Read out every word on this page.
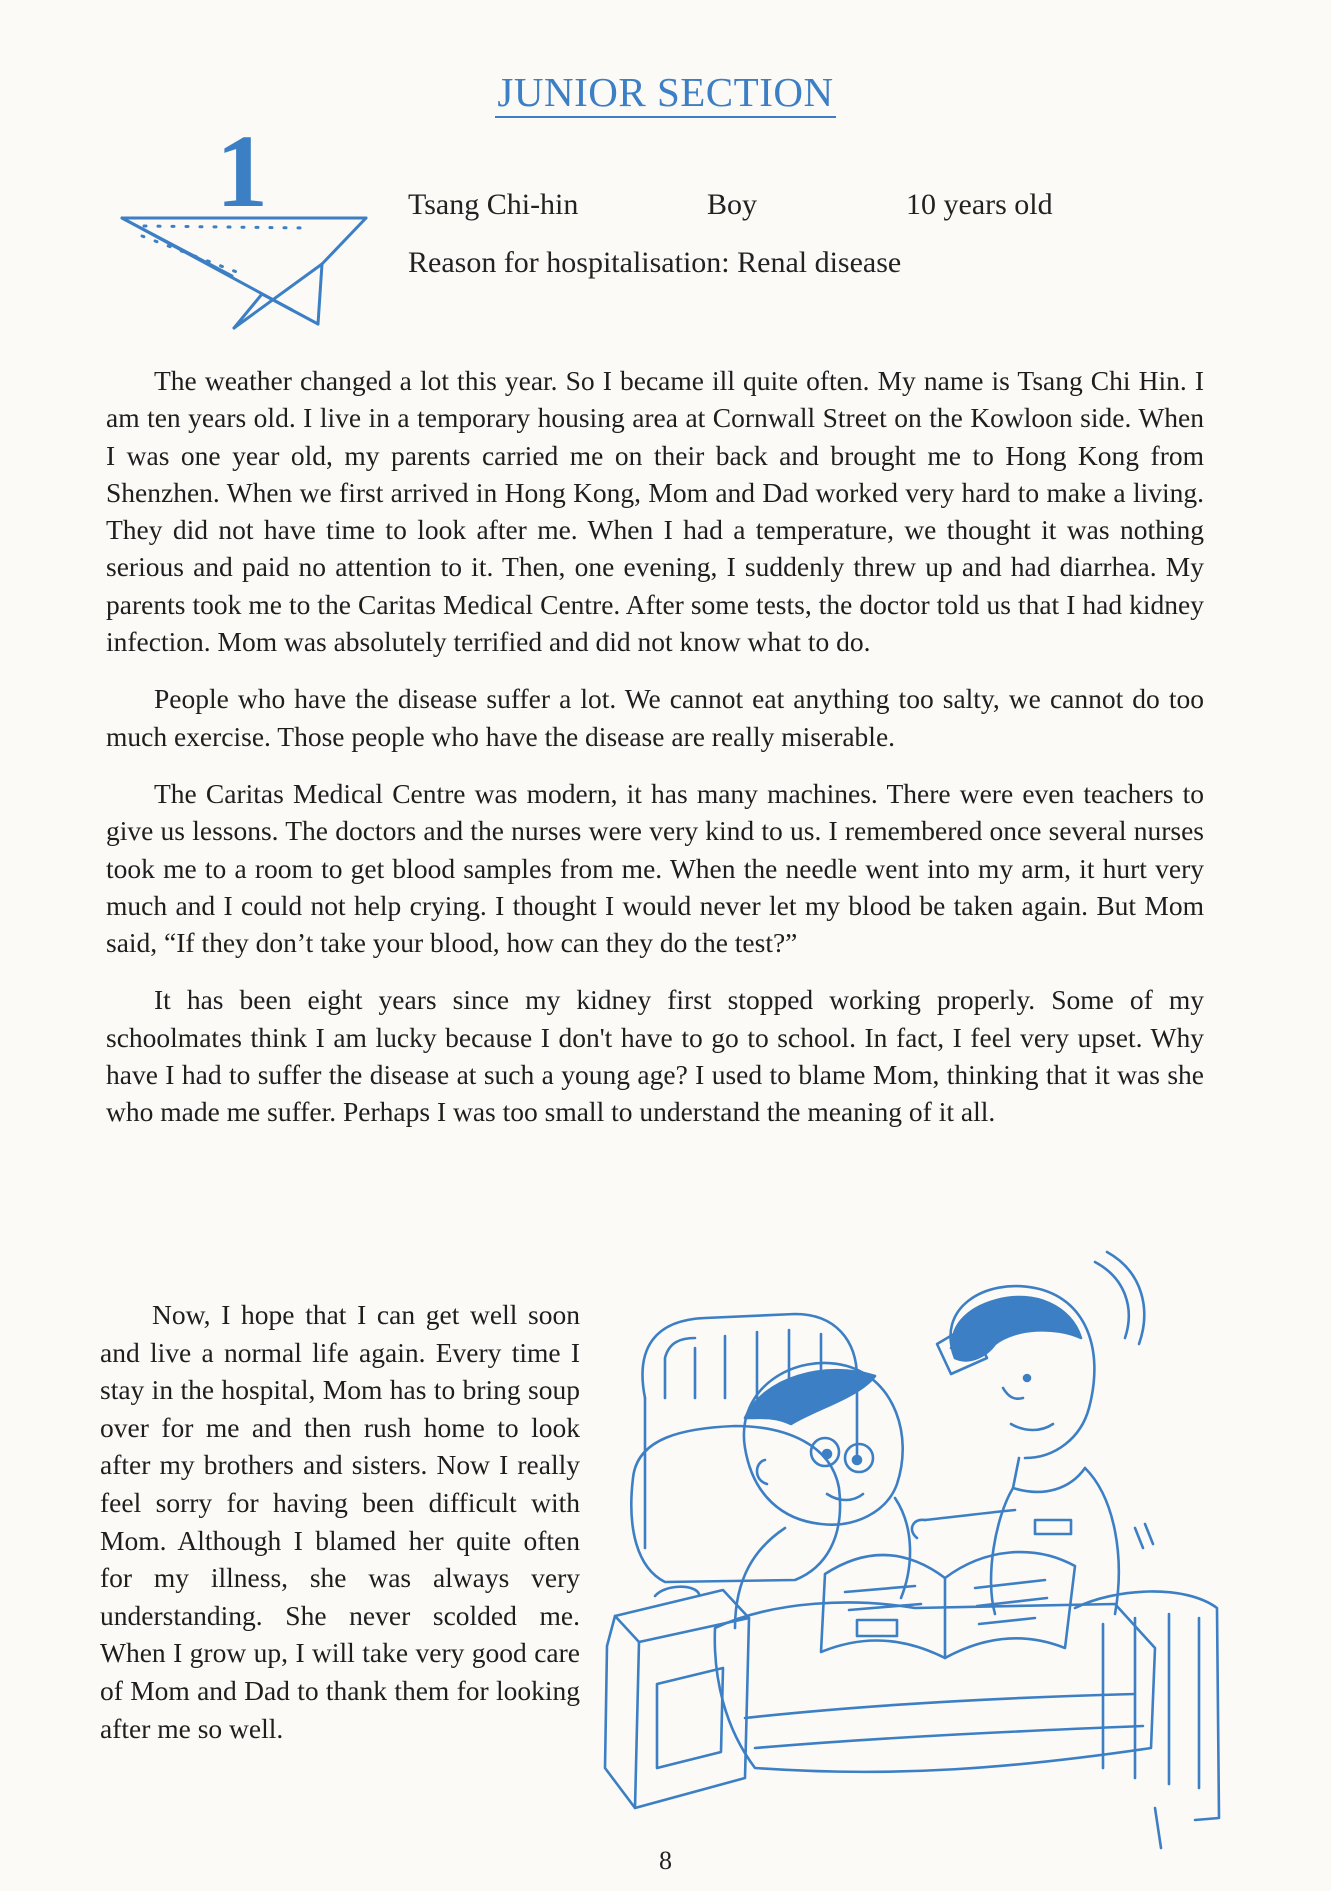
JUNIOR SECTION
1	Tsang Chi-hin	Boy	10 years old
Reason for hospitalisation: Renal disease

The weather changed a lot this year. So I became ill quite often. My name is Tsang Chi Hin. I am ten years old. I live in a temporary housing area at Cornwall Street on the Kowloon side. When I was one year old, my parents carried me on their back and brought me to Hong Kong from Shenzhen. When we first arrived in Hong Kong, Mom and Dad worked very hard to make a living. They did not have time to look after me. When I had a temperature, we thought it was nothing serious and paid no attention to it. Then, one evening, I suddenly threw up and had diarrhea. My parents took me to the Caritas Medical Centre. After some tests, the doctor told us that I had kidney infection. Mom was absolutely terrified and did not know what to do.

People who have the disease suffer a lot. We cannot eat anything too salty, we cannot do too much exercise. Those people who have the disease are really miserable.

The Caritas Medical Centre was modern, it has many machines. There were even teachers to give us lessons. The doctors and the nurses were very kind to us. I remembered once several nurses took me to a room to get blood samples from me. When the needle went into my arm, it hurt very much and I could not help crying. I thought I would never let my blood be taken again. But Mom said, “If they don’t take your blood, how can they do the test?”

It has been eight years since my kidney first stopped working properly. Some of my schoolmates think I am lucky because I don't have to go to school. In fact, I feel very upset. Why have I had to suffer the disease at such a young age? I used to blame Mom, thinking that it was she who made me suffer. Perhaps I was too small to understand the meaning of it all.

Now, I hope that I can get well soon and live a normal life again. Every time I stay in the hospital, Mom has to bring soup over for me and then rush home to look after my brothers and sisters. Now I really feel sorry for having been difficult with Mom. Although I blamed her quite often for my illness, she was always very understanding. She never scolded me. When I grow up, I will take very good care of Mom and Dad to thank them for looking after me so well.

8
